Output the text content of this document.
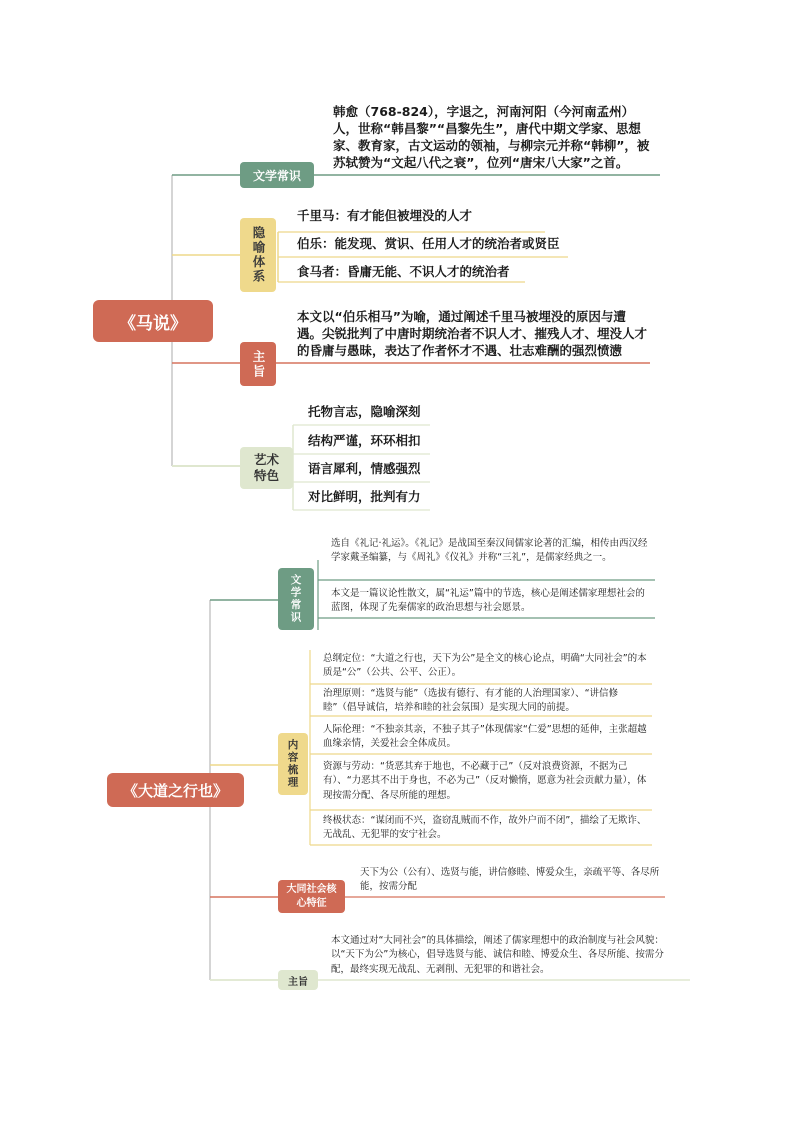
《马说》
文学常识
韩愈（768-824），字退之，河南河阳（今河南孟州）人，世称“韩昌黎”“昌黎先生”，唐代中期文学家、思想家、教育家，古文运动的领袖，与柳宗元并称“韩柳”，被苏轼赞为“文起八代之衰”，位列“唐宋八大家”之首。
隐喻体系
千里马：有才能但被埋没的人才
伯乐：能发现、赏识、任用人才的统治者或贤臣
食马者：昏庸无能、不识人才的统治者
主旨
本文以“伯乐相马”为喻，通过阐述千里马被埋没的原因与遭遇。尖锐批判了中唐时期统治者不识人才、摧残人才、埋没人才的昏庸与愚昧，表达了作者怀才不遇、壮志难酬的强烈愤懑
艺术特色
托物言志，隐喻深刻
结构严谨，环环相扣
语言犀利，情感强烈
对比鲜明，批判有力
《大道之行也》
文学常识
选自《礼记·礼运》。《礼记》是战国至秦汉间儒家论著的汇编，相传由西汉经学家戴圣编纂，与《周礼》《仪礼》并称“三礼”，是儒家经典之一。
本文是一篇议论性散文，属“礼运”篇中的节选，核心是阐述儒家理想社会的蓝图，体现了先秦儒家的政治思想与社会愿景。
内容梳理
总纲定位：“大道之行也，天下为公”是全文的核心论点，明确“大同社会”的本质是“公”（公共、公平、公正）。
治理原则：“选贤与能”（选拔有德行、有才能的人治理国家）、“讲信修睦”（倡导诚信，培养和睦的社会氛围）是实现大同的前提。
人际伦理：“不独亲其亲，不独子其子”体现儒家“仁爱”思想的延伸，主张超越血缘亲情，关爱社会全体成员。
资源与劳动：“货恶其弃于地也，不必藏于己”（反对浪费资源，不据为己有）、“力恶其不出于身也，不必为己”（反对懒惰，愿意为社会贡献力量），体现按需分配、各尽所能的理想。
终极状态：“谋闭而不兴，盗窃乱贼而不作，故外户而不闭”，描绘了无欺诈、无战乱、无犯罪的安宁社会。
大同社会核心特征
天下为公（公有）、选贤与能，讲信修睦、博爱众生，亲疏平等、各尽所能，按需分配
主旨
本文通过对“大同社会”的具体描绘，阐述了儒家理想中的政治制度与社会风貌：以“天下为公”为核心，倡导选贤与能、诚信和睦、博爱众生、各尽所能、按需分配，最终实现无战乱、无剥削、无犯罪的和谐社会。
